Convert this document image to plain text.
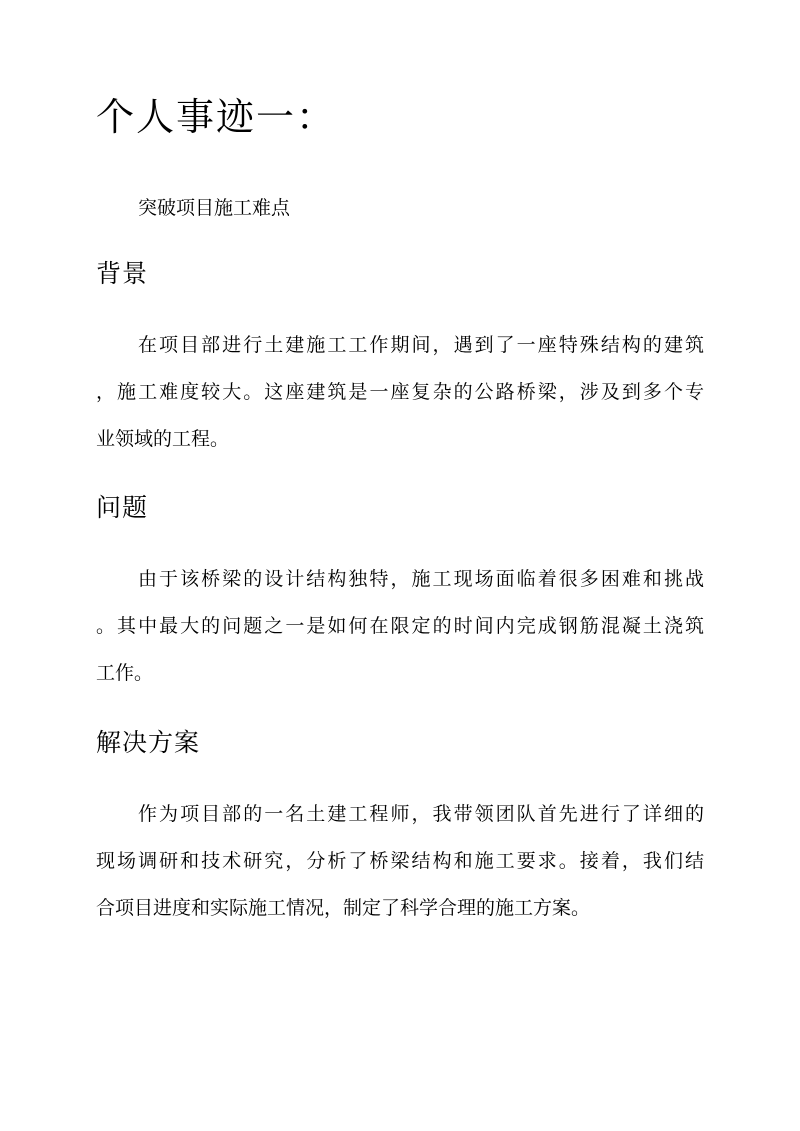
个人事迹一：

突破项目施工难点

背景
在项目部进行土建施工工作期间，遇到了一座特殊结构的建筑
，施工难度较大。这座建筑是一座复杂的公路桥梁，涉及到多个专
业领域的工程。
问题
由于该桥梁的设计结构独特，施工现场面临着很多困难和挑战
。其中最大的问题之一是如何在限定的时间内完成钢筋混凝土浇筑
工作。
解决方案
作为项目部的一名土建工程师，我带领团队首先进行了详细的
现场调研和技术研究，分析了桥梁结构和施工要求。接着，我们结
合项目进度和实际施工情况，制定了科学合理的施工方案。
